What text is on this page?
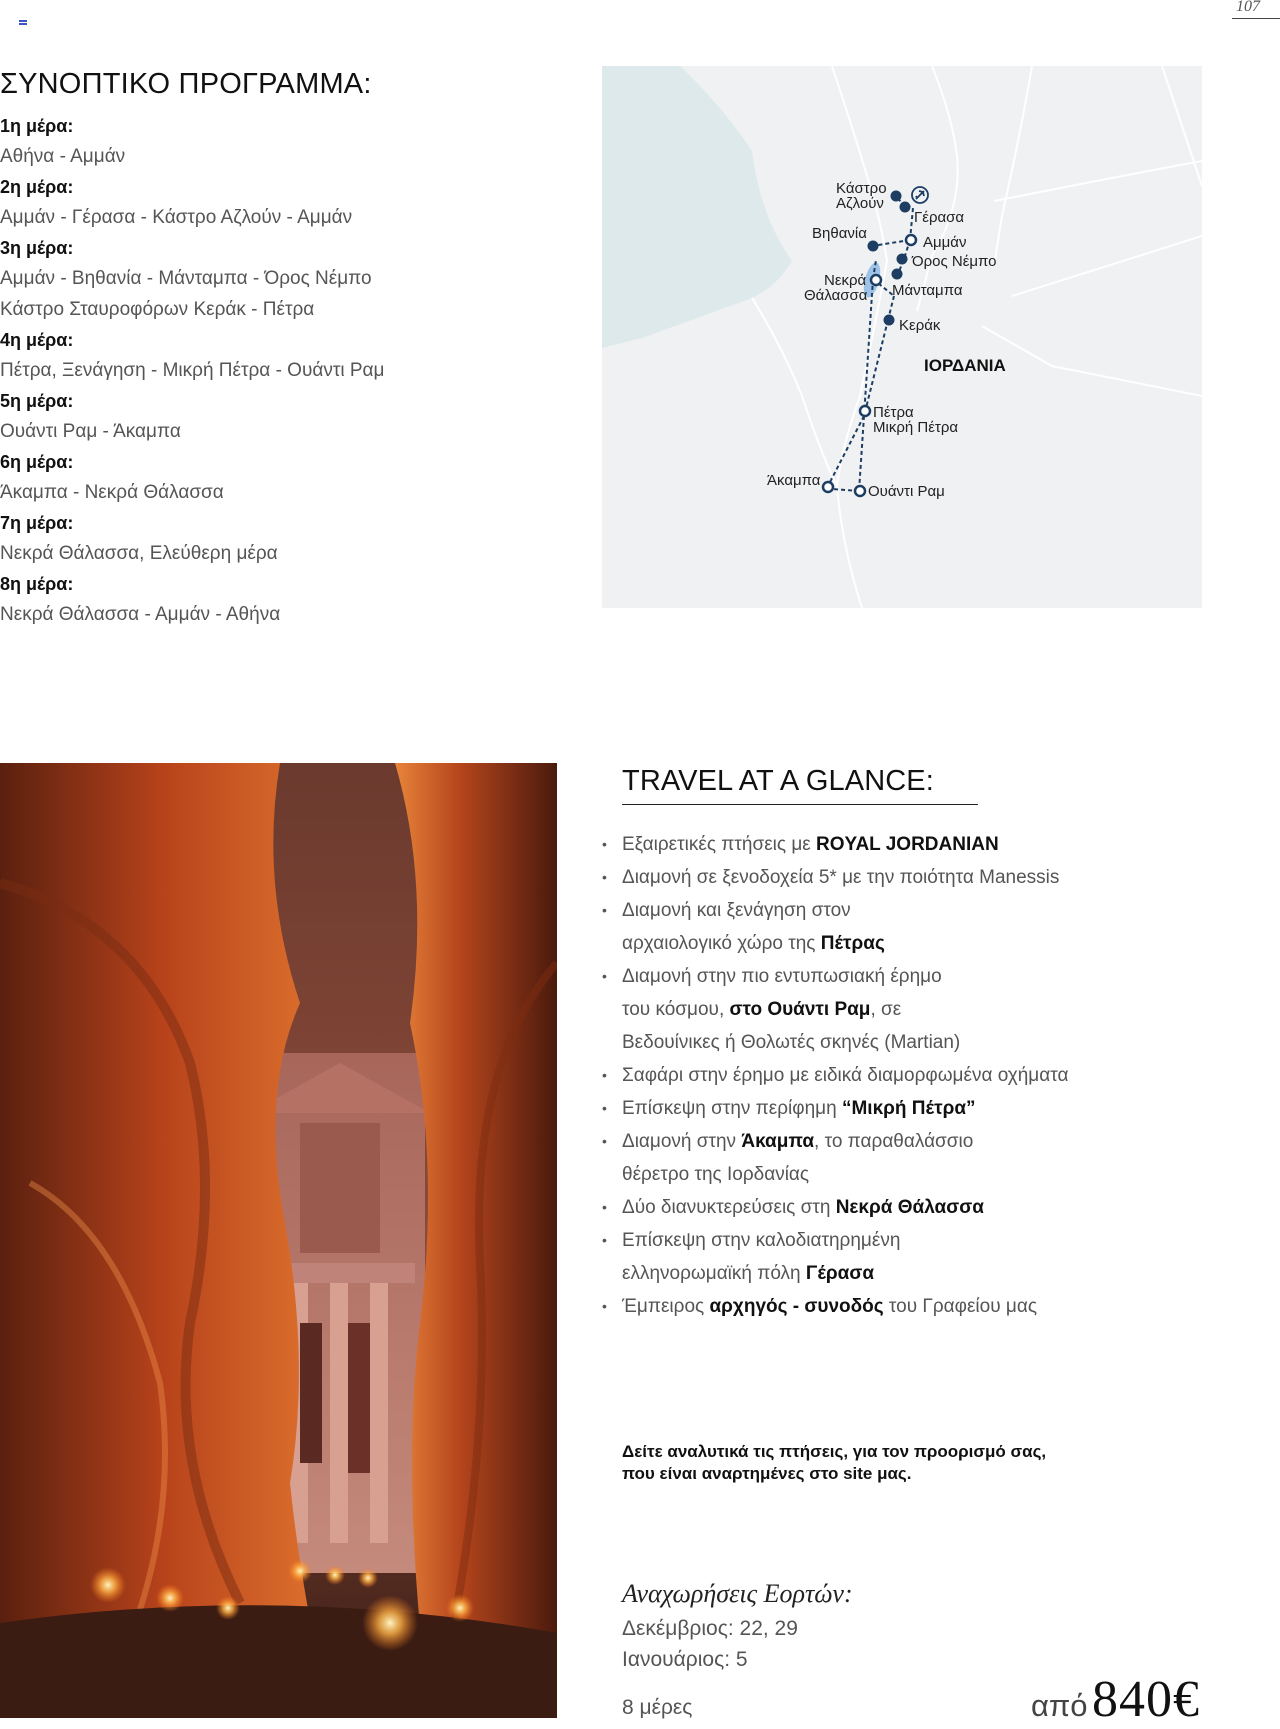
107
ΣΥΝΟΠΤΙΚΟ ΠΡΟΓΡΑΜΜΑ:
1η μέρα:
Αθήνα - Αμμάν
2η μέρα:
Αμμάν - Γέρασα - Κάστρο Αζλούν - Αμμάν
3η μέρα:
Αμμάν - Βηθανία - Μάνταμπα - Όρος Νέμπο
Κάστρο Σταυροφόρων Κεράκ - Πέτρα
4η μέρα:
Πέτρα, Ξενάγηση - Μικρή Πέτρα - Ουάντι Ραμ
5η μέρα:
Ουάντι Ραμ - Άκαμπα
6η μέρα:
Άκαμπα - Νεκρά Θάλασσα
7η μέρα:
Νεκρά Θάλασσα, Ελεύθερη μέρα
8η μέρα:
Νεκρά Θάλασσα - Αμμάν - Αθήνα
Κάστρο
Αζλούν
Γέρασα
Βηθανία
Αμμάν
Όρος Νέμπο
Νεκρά
Θάλασσα Μάνταμπα
Κεράκ
Πέτρα
Μικρή Πέτρα
Άκαμπα
Ουάντι Ραμ
ΙΟΡΔΑΝΙΑ
TRAVEL AT A GLANCE:
• Εξαιρετικές πτήσεις με ROYAL JORDANIAN
• Διαμονή σε ξενοδοχεία 5* με την ποιότητα Manessis
• Διαμονή και ξενάγηση στον
αρχαιολογικό χώρο της Πέτρας
• Διαμονή στην πιο εντυπωσιακή έρημο
του κόσμου, στο Ουάντι Ραμ, σε
Βεδουίνικες ή Θολωτές σκηνές (Martian)
• Σαφάρι στην έρημο με ειδικά διαμορφωμένα οχήματα
• Επίσκεψη στην περίφημη “Μικρή Πέτρα”
• Διαμονή στην Άκαμπα, το παραθαλάσσιο
θέρετρο της Ιορδανίας
• Δύο διανυκτερεύσεις στη Νεκρά Θάλασσα
• Επίσκεψη στην καλοδιατηρημένη
ελληνορωμαϊκή πόλη Γέρασα
• Έμπειρος αρχηγός - συνοδός του Γραφείου μας
Δείτε αναλυτικά τις πτήσεις, για τον προορισμό σας,
που είναι αναρτημένες στο site μας.
Αναχωρήσεις Εορτών:
Δεκέμβριος: 22, 29
Ιανουάριος: 5
8 μέρες	από 840€
